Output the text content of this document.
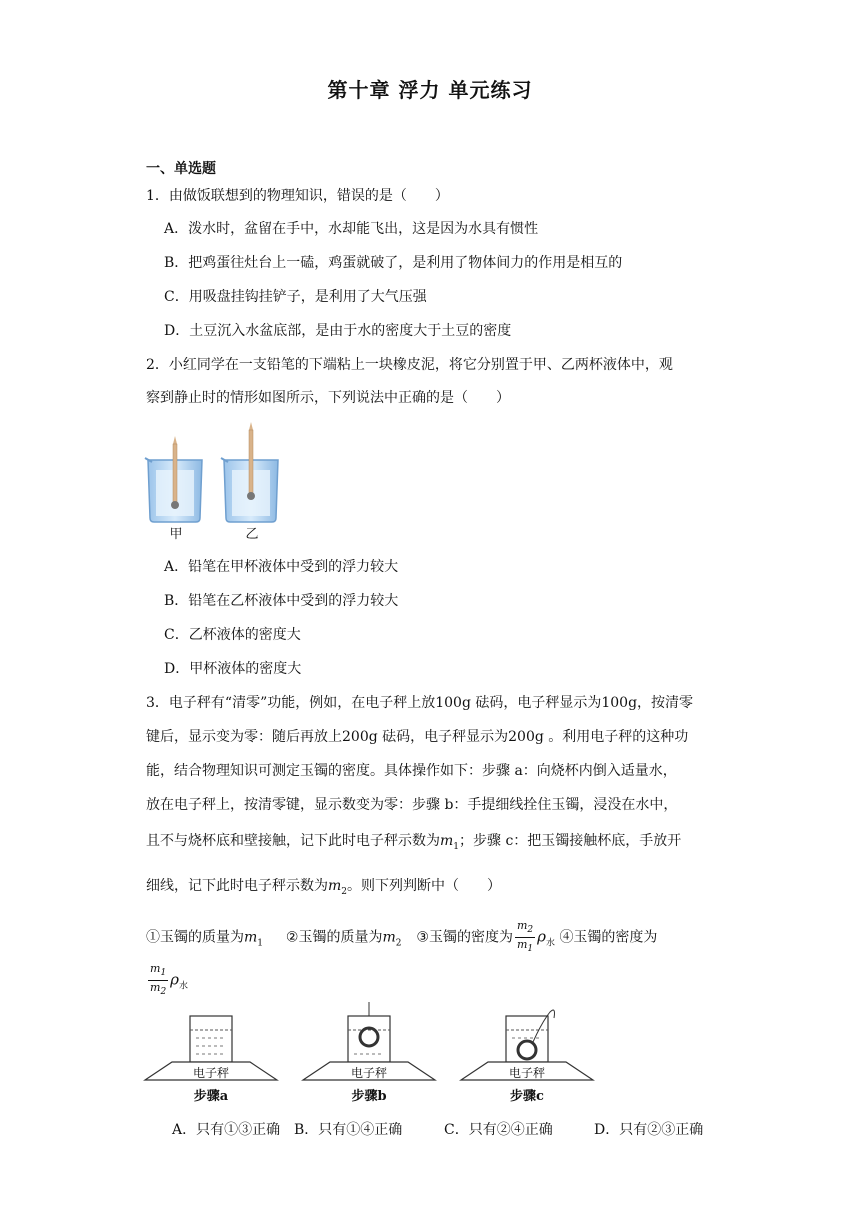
第十章 浮力 单元练习
一、单选题
1．由做饭联想到的物理知识，错误的是（　　）
A．泼水时，盆留在手中，水却能飞出，这是因为水具有惯性
B．把鸡蛋往灶台上一磕，鸡蛋就破了，是利用了物体间力的作用是相互的
C．用吸盘挂钩挂铲子，是利用了大气压强
D．土豆沉入水盆底部，是由于水的密度大于土豆的密度
2．小红同学在一支铅笔的下端粘上一块橡皮泥，将它分别置于甲、乙两杯液体中，观
察到静止时的情形如图所示，下列说法中正确的是（　　）
甲	乙
A．铅笔在甲杯液体中受到的浮力较大
B．铅笔在乙杯液体中受到的浮力较大
C．乙杯液体的密度大
D．甲杯液体的密度大
3．电子秤有“清零”功能，例如，在电子秤上放100g 砝码，电子秤显示为100g，按清零
键后，显示变为零：随后再放上200g 砝码，电子秤显示为200g 。利用电子秤的这种功
能，结合物理知识可测定玉镯的密度。具体操作如下：步骤 a：向烧杯内倒入适量水，
放在电子秤上，按清零键，显示数变为零：步骤 b：手提细线拴住玉镯，浸没在水中，
且不与烧杯底和壁接触，记下此时电子秤示数为$m_1$；步骤 c：把玉镯接触杯底，手放开
细线，记下此时电子秤示数为$m_2$。则下列判断中（　　）
①玉镯的质量为$m_1$ ②玉镯的质量为$m_2$ ③玉镯的密度为 $\frac{m_2}{m_1} \rho_水$ ④玉镯的密度为
$\frac{m_1}{m_2} \rho_水$
电子秤
步骤a
电子秤
步骤b
电子秤
步骤c
A．只有①③正确 B．只有①④正确	C．只有②④正确	D．只有②③正确
